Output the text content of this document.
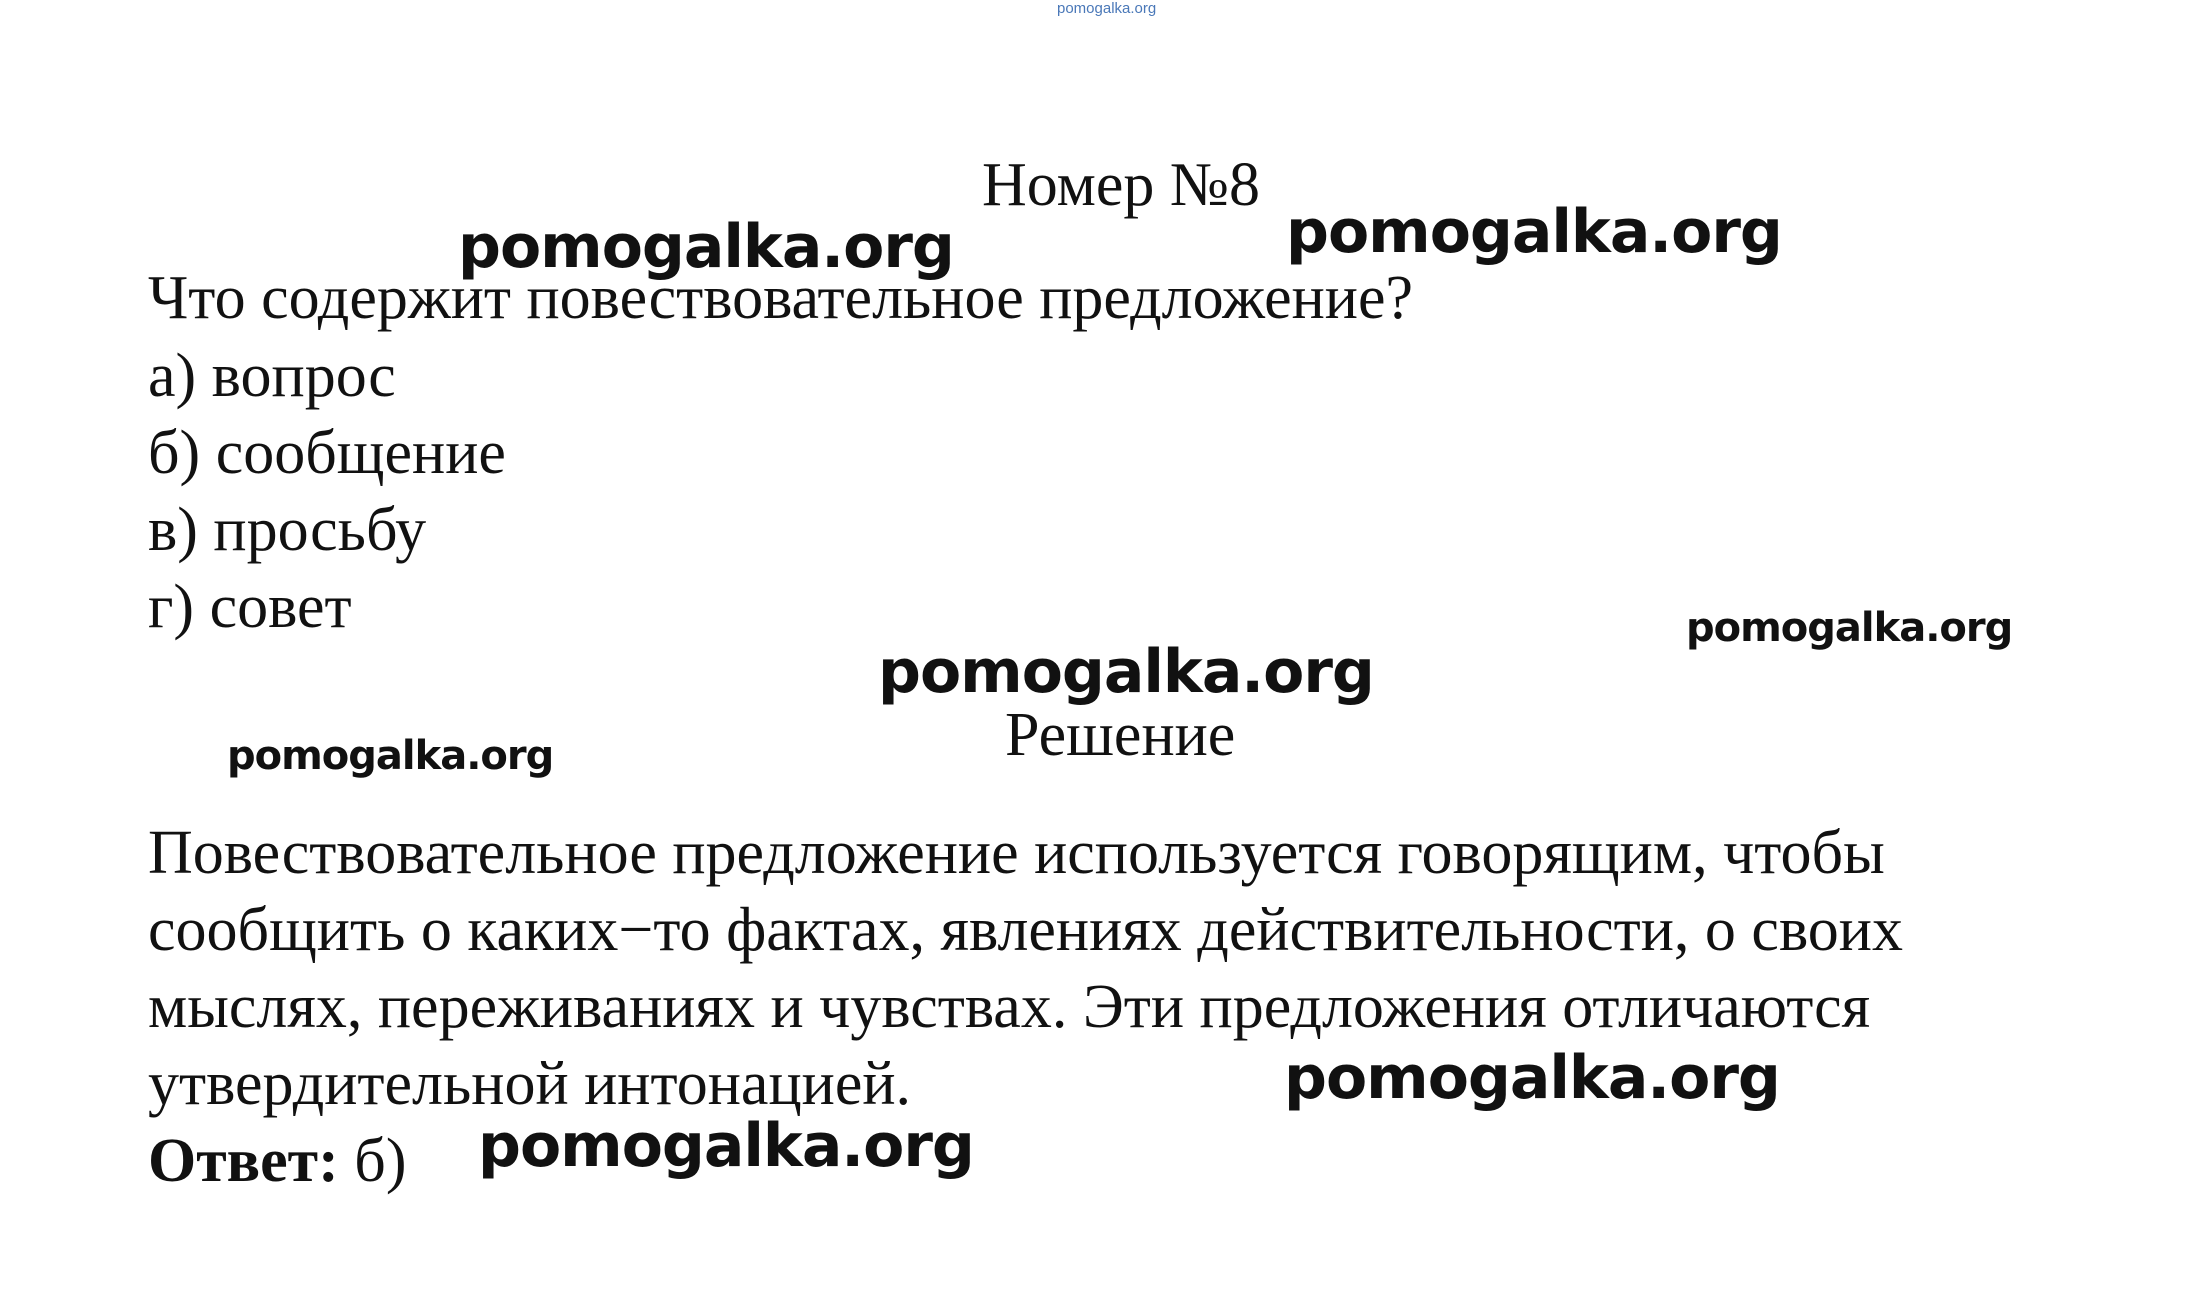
pomogalka.org
Номер №8
Что содержит повествовательное предложение?
а) вопрос
б) сообщение
в) просьбу
г) совет
Решение
Повествовательное предложение используется говорящим, чтобы
сообщить о каких−то фактах, явлениях действительности, о своих
мыслях, переживаниях и чувствах. Эти предложения отличаются
утвердительной интонацией.
Ответ: б)
pomogalka.org	pomogalka.org
pomogalka.org
pomogalka.org
pomogalka.org
pomogalka.org
pomogalka.org
